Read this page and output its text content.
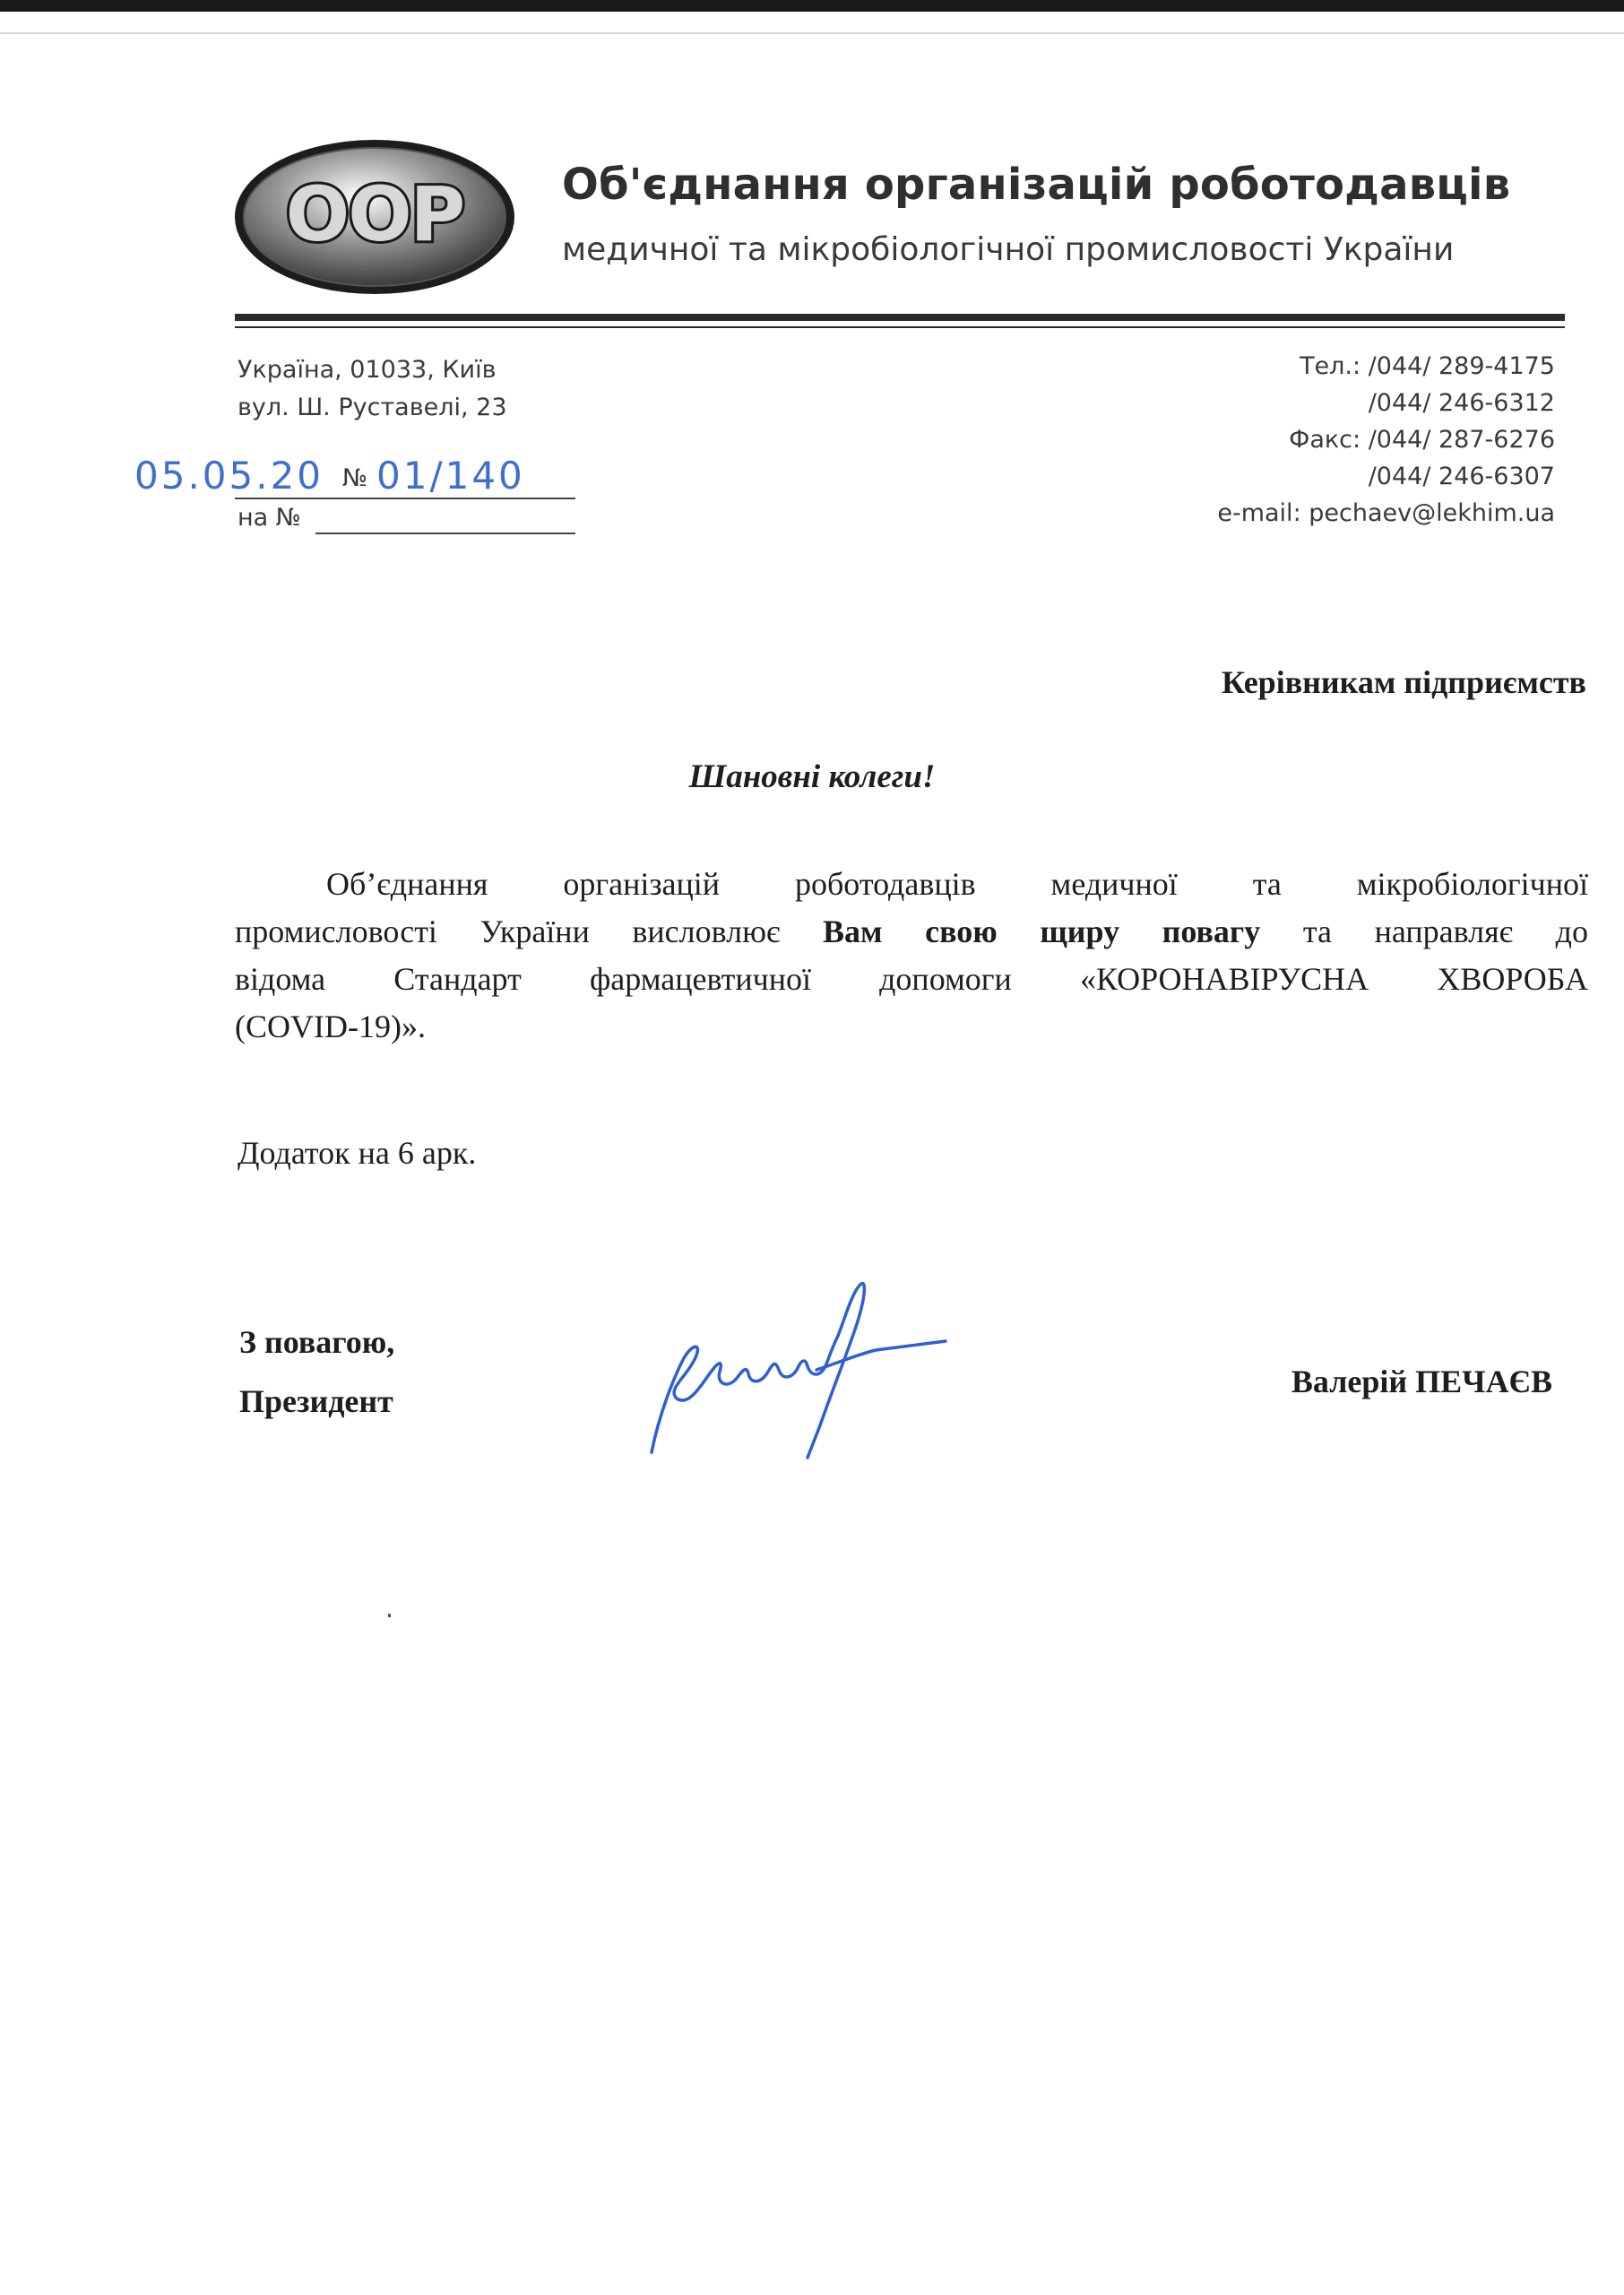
OOP Об'єднання організацій роботодавців
медичної та мікробіологічної промисловості України
Україна, 01033, Київ
вул. Ш. Руставелі, 23
Тел.: /044/ 289-4175
/044/ 246-6312
Факс: /044/ 287-6276
/044/ 246-6307
e-mail: pechaev@lekhim.ua
05.05.20 № 01/140
на №
Керівникам підприємств
Шановні колеги!
Об’єднання організацій роботодавців медичної та мікробіологічної
промисловості України висловлює Вам свою щиру повагу та направляє до
відома Стандарт фармацевтичної допомоги «КОРОНАВІРУСНА ХВОРОБА
(COVID-19)».
Додаток на 6 арк.
З повагою,
Президент
Валерій ПЕЧАЄВ
